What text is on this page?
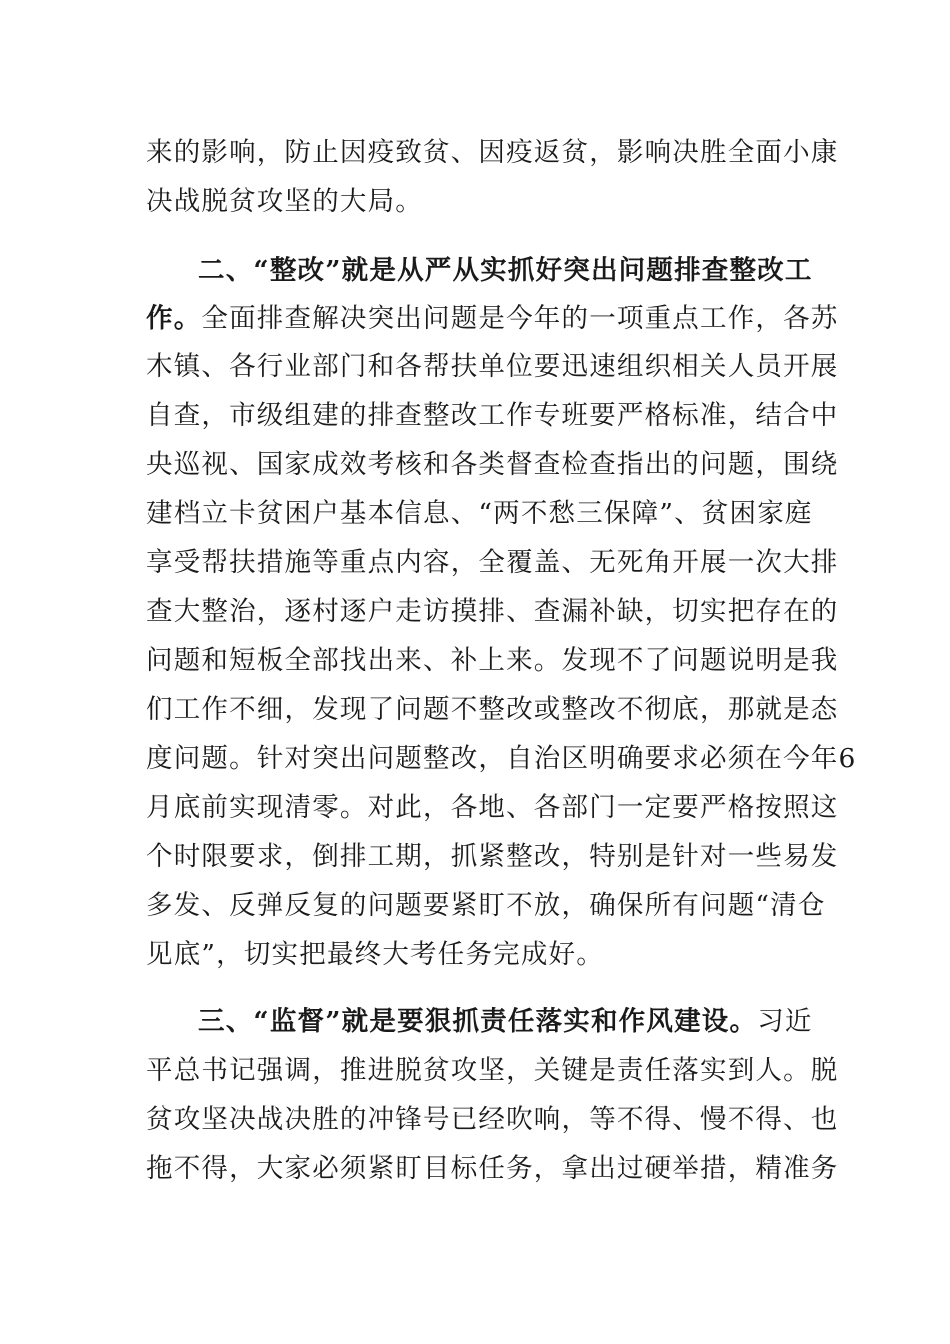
来的影响，防止因疫致贫、因疫返贫，影响决胜全面小康
决战脱贫攻坚的大局。
二、“整改”就是从严从实抓好突出问题排查整改工
作。全面排查解决突出问题是今年的一项重点工作，各苏
木镇、各行业部门和各帮扶单位要迅速组织相关人员开展
自查，市级组建的排查整改工作专班要严格标准，结合中
央巡视、国家成效考核和各类督查检查指出的问题，围绕
建档立卡贫困户基本信息、“两不愁三保障”、贫困家庭
享受帮扶措施等重点内容，全覆盖、无死角开展一次大排
查大整治，逐村逐户走访摸排、查漏补缺，切实把存在的
问题和短板全部找出来、补上来。发现不了问题说明是我
们工作不细，发现了问题不整改或整改不彻底，那就是态
度问题。针对突出问题整改，自治区明确要求必须在今年6
月底前实现清零。对此，各地、各部门一定要严格按照这
个时限要求，倒排工期，抓紧整改，特别是针对一些易发
多发、反弹反复的问题要紧盯不放，确保所有问题“清仓
见底”，切实把最终大考任务完成好。
三、“监督”就是要狠抓责任落实和作风建设。习近
平总书记强调，推进脱贫攻坚，关键是责任落实到人。脱
贫攻坚决战决胜的冲锋号已经吹响，等不得、慢不得、也
拖不得，大家必须紧盯目标任务，拿出过硬举措，精准务
